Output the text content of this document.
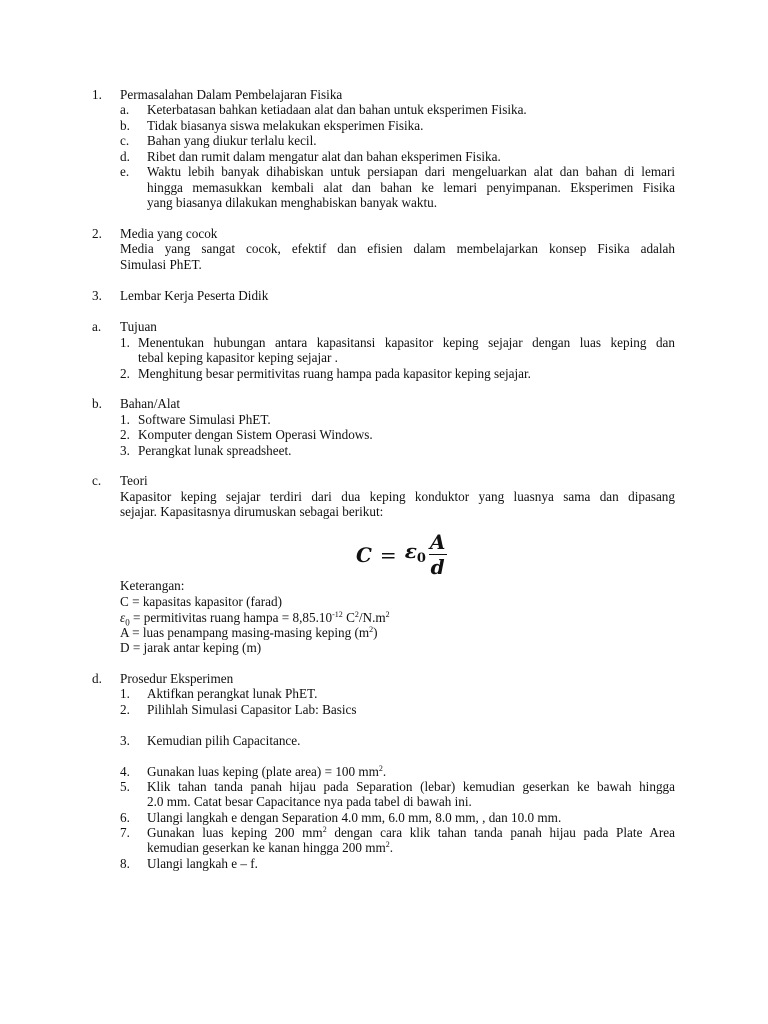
1. Permasalahan Dalam Pembelajaran Fisika
a. Keterbatasan bahkan ketiadaan alat dan bahan untuk eksperimen Fisika.
b. Tidak biasanya siswa melakukan eksperimen Fisika.
c. Bahan yang diukur terlalu kecil.
d. Ribet dan rumit dalam mengatur alat dan bahan eksperimen Fisika.
e. Waktu lebih banyak dihabiskan untuk persiapan dari mengeluarkan alat dan bahan di lemari
hingga memasukkan kembali alat dan bahan ke lemari penyimpanan. Eksperimen Fisika
yang biasanya dilakukan menghabiskan banyak waktu.
2. Media yang cocok
Media yang sangat cocok, efektif dan efisien dalam membelajarkan konsep Fisika adalah
Simulasi PhET.
3. Lembar Kerja Peserta Didik
a. Tujuan
1. Menentukan hubungan antara kapasitansi kapasitor keping sejajar dengan luas keping dan
tebal keping kapasitor keping sejajar .
2. Menghitung besar permitivitas ruang hampa pada kapasitor keping sejajar.
b. Bahan/Alat
1. Software Simulasi PhET.
2. Komputer dengan Sistem Operasi Windows.
3. Perangkat lunak spreadsheet.
c. Teori
Kapasitor keping sejajar terdiri dari dua keping konduktor yang luasnya sama dan dipasang
sejajar. Kapasitasnya dirumuskan sebagai berikut:
$C = \varepsilon_0 \frac{A}{d}$
Keterangan:
C = kapasitas kapasitor (farad)
$\varepsilon_0$ = permitivitas ruang hampa = $8,85.10^{-12}$ $C^2/N.m^2$
A = luas penampang masing-masing keping $(m^2)$
D = jarak antar keping (m)
d. Prosedur Eksperimen
1. Aktifkan perangkat lunak PhET.
2. Pilihlah Simulasi Capasitor Lab: Basics
3. Kemudian pilih Capacitance.
4. Gunakan luas keping (plate area) = 100 $mm^2$.
5. Klik tahan tanda panah hijau pada Separation (lebar) kemudian geserkan ke bawah hingga
2.0 mm. Catat besar Capacitance nya pada tabel di bawah ini.
6. Ulangi langkah e dengan Separation 4.0 mm, 6.0 mm, 8.0 mm, , dan 10.0 mm.
7. Gunakan luas keping 200 $mm^2$ dengan cara klik tahan tanda panah hijau pada Plate Area
kemudian geserkan ke kanan hingga 200 $mm^2$.
8. Ulangi langkah e – f.
